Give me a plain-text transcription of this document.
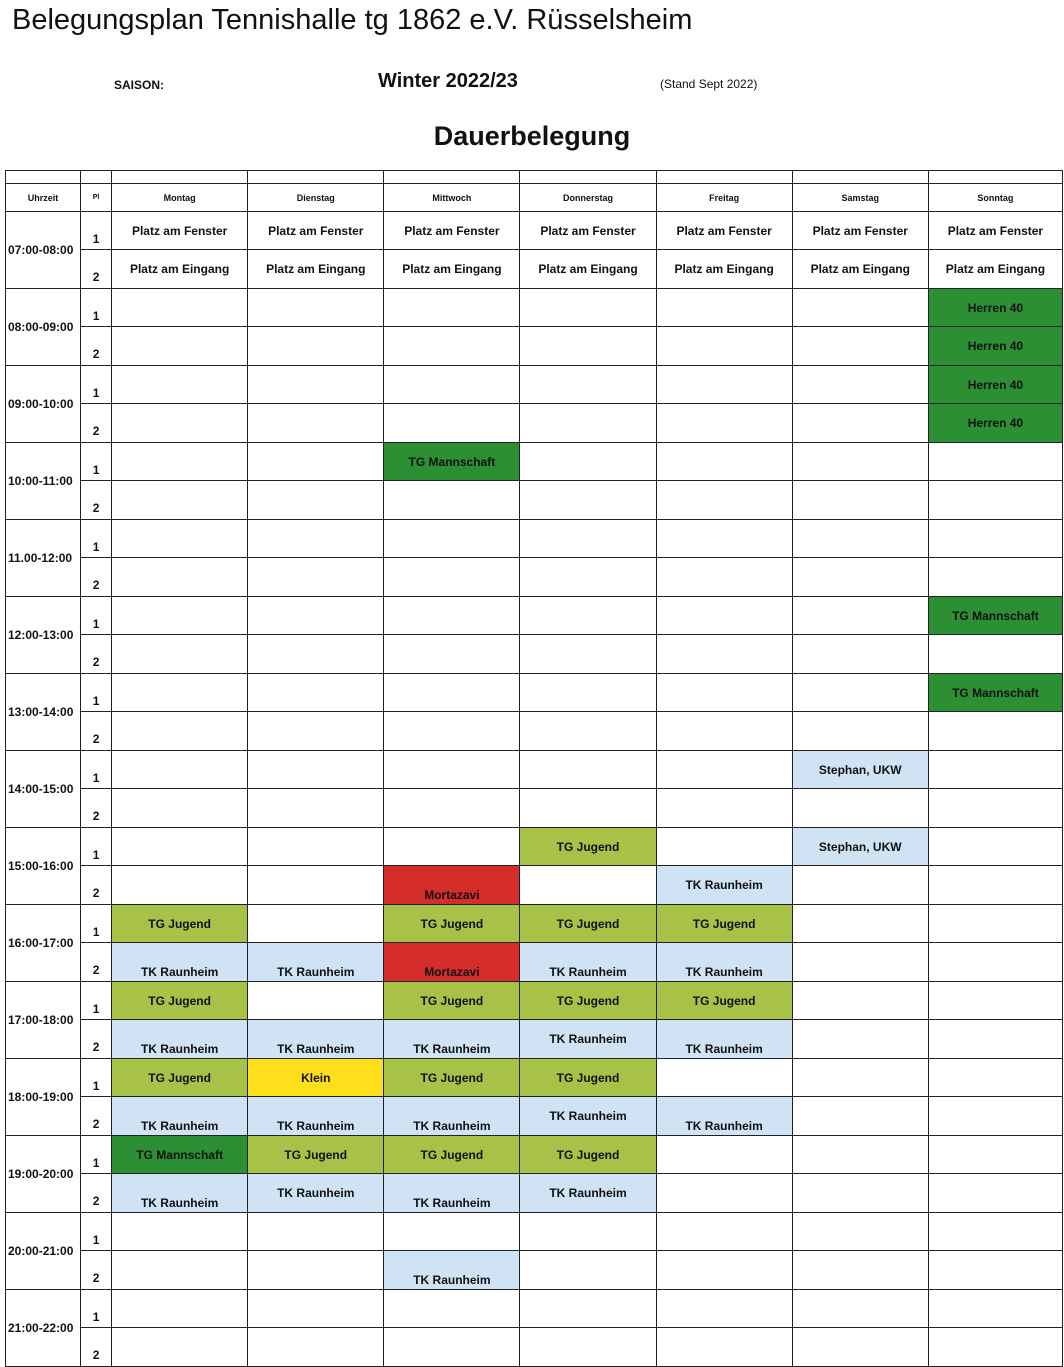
Belegungsplan Tennishalle tg 1862 e.V. Rüsselsheim
SAISON:	Winter 2022/23	(Stand Sept 2022)
Dauerbelegung

Uhrzeit	Pl	Montag	Dienstag	Mittwoch	Donnerstag	Freitag	Samstag	Sonntag
07:00-08:00	1	Platz am Fenster	Platz am Fenster	Platz am Fenster	Platz am Fenster	Platz am Fenster	Platz am Fenster	Platz am Fenster
	2	Platz am Eingang	Platz am Eingang	Platz am Eingang	Platz am Eingang	Platz am Eingang	Platz am Eingang	Platz am Eingang
08:00-09:00	1							Herren 40
	2							Herren 40
09:00-10:00	1							Herren 40
	2							Herren 40
10:00-11:00	1			TG Mannschaft				
	2							
11.00-12:00	1							
	2							
12:00-13:00	1							TG Mannschaft
	2							
13:00-14:00	1							TG Mannschaft
	2							
14:00-15:00	1						Stephan, UKW	
	2							
15:00-16:00	1				TG Jugend		Stephan, UKW	
	2			Mortazavi		TK Raunheim		
16:00-17:00	1	TG Jugend		TG Jugend	TG Jugend	TG Jugend		
	2	TK Raunheim	TK Raunheim	Mortazavi	TK Raunheim	TK Raunheim		
17:00-18:00	1	TG Jugend		TG Jugend	TG Jugend	TG Jugend		
	2	TK Raunheim	TK Raunheim	TK Raunheim	TK Raunheim	TK Raunheim		
18:00-19:00	1	TG Jugend	Klein	TG Jugend	TG Jugend			
	2	TK Raunheim	TK Raunheim	TK Raunheim	TK Raunheim	TK Raunheim		
19:00-20:00	1	TG Mannschaft	TG Jugend	TG Jugend	TG Jugend			
	2	TK Raunheim	TK Raunheim	TK Raunheim	TK Raunheim			
20:00-21:00	1							
	2			TK Raunheim				
21:00-22:00	1							
	2							
